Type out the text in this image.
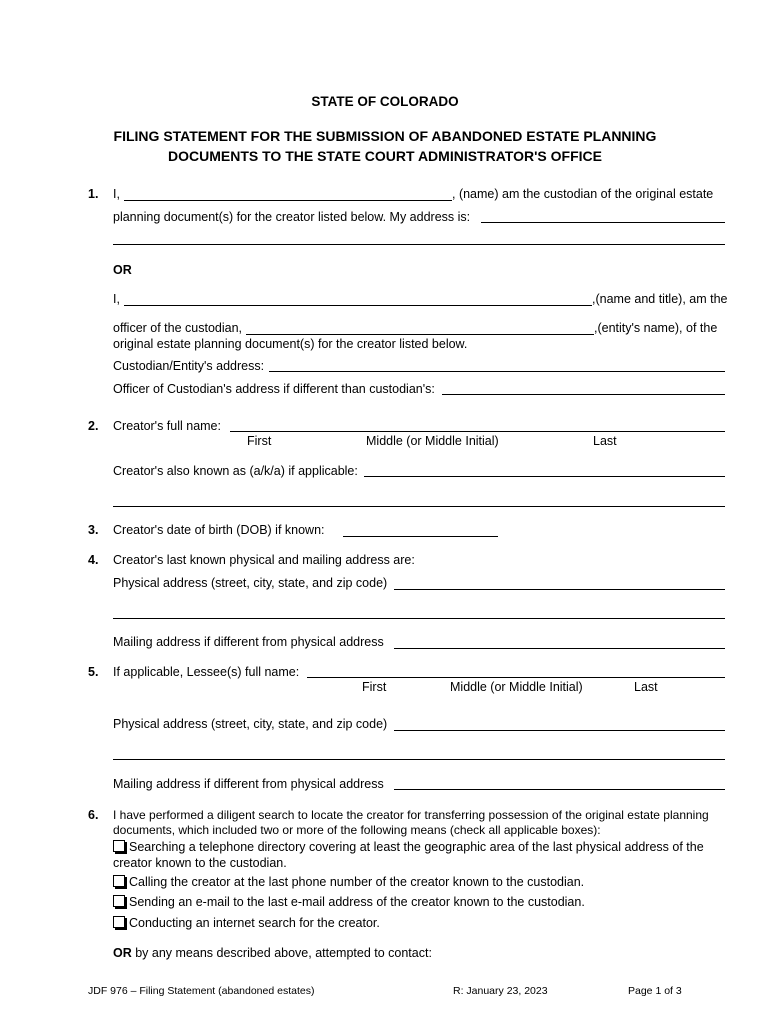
STATE OF COLORADO
FILING STATEMENT FOR THE SUBMISSION OF ABANDONED ESTATE PLANNING
DOCUMENTS TO THE STATE COURT ADMINISTRATOR'S OFFICE
1. I,	, (name) am the custodian of the original estate
planning document(s) for the creator listed below. My address is:
OR
I,	,(name and title), am the
officer of the custodian,	,(entity's name), of the
original estate planning document(s) for the creator listed below.
Custodian/Entity's address:
Officer of Custodian's address if different than custodian's:
2. Creator's full name:
First	Middle (or Middle Initial)	Last
Creator's also known as (a/k/a) if applicable:
3. Creator's date of birth (DOB) if known:
4. Creator's last known physical and mailing address are:
Physical address (street, city, state, and zip code)
Mailing address if different from physical address
5. If applicable, Lessee(s) full name:
First	Middle (or Middle Initial)	Last
Physical address (street, city, state, and zip code)
Mailing address if different from physical address
6. I have performed a diligent search to locate the creator for transferring possession of the original estate planning
documents, which included two or more of the following means (check all applicable boxes):
Searching a telephone directory covering at least the geographic area of the last physical address of the
creator known to the custodian.
Calling the creator at the last phone number of the creator known to the custodian.
Sending an e-mail to the last e-mail address of the creator known to the custodian.
Conducting an internet search for the creator.
OR by any means described above, attempted to contact:
JDF 976 – Filing Statement (abandoned estates)	R: January 23, 2023	Page 1 of 3
